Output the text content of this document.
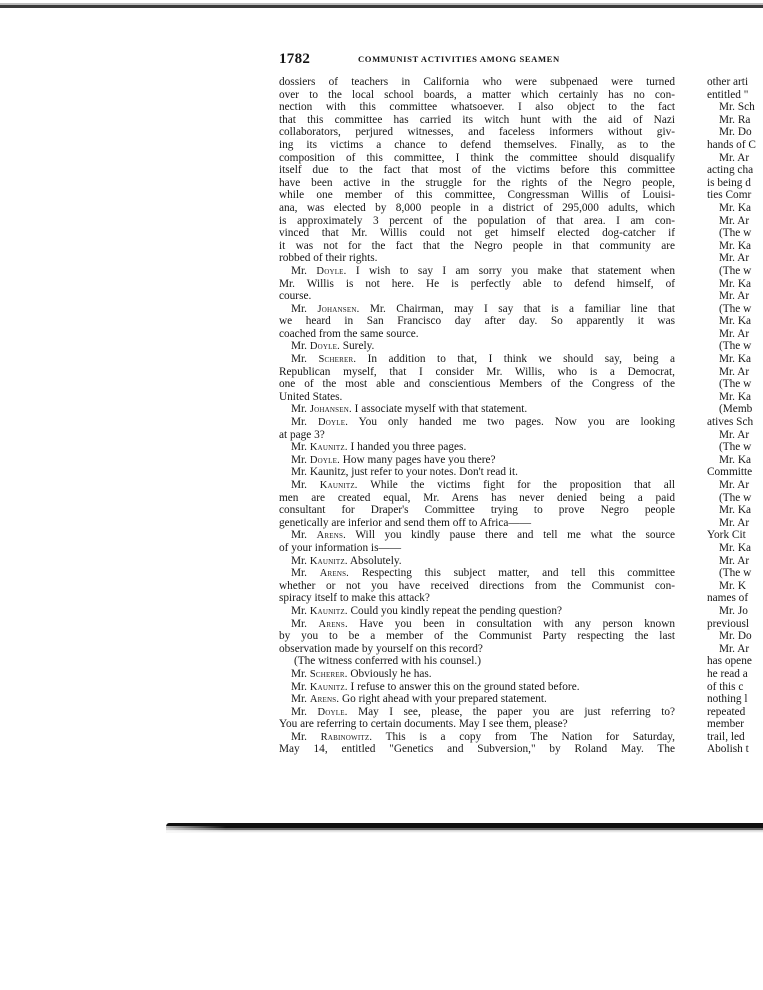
1782	COMMUNIST ACTIVITIES AMONG SEAMEN
dossiers of teachers in California who were subpenaed were turned
over to the local school boards, a matter which certainly has no con-
nection with this committee whatsoever. I also object to the fact
that this committee has carried its witch hunt with the aid of Nazi
collaborators, perjured witnesses, and faceless informers without giv-
ing its victims a chance to defend themselves. Finally, as to the
composition of this committee, I think the committee should disqualify
itself due to the fact that most of the victims before this committee
have been active in the struggle for the rights of the Negro people,
while one member of this committee, Congressman Willis of Louisi-
ana, was elected by 8,000 people in a district of 295,000 adults, which
is approximately 3 percent of the population of that area. I am con-
vinced that Mr. Willis could not get himself elected dog-catcher if
it was not for the fact that the Negro people in that community are
robbed of their rights.
Mr. Doyle. I wish to say I am sorry you make that statement when
Mr. Willis is not here. He is perfectly able to defend himself, of
course.
Mr. Johansen. Mr. Chairman, may I say that is a familiar line that
we heard in San Francisco day after day. So apparently it was
coached from the same source.
Mr. Doyle. Surely.
Mr. Scherer. In addition to that, I think we should say, being a
Republican myself, that I consider Mr. Willis, who is a Democrat,
one of the most able and conscientious Members of the Congress of the
United States.
Mr. Johansen. I associate myself with that statement.
Mr. Doyle. You only handed me two pages. Now you are looking
at page 3?
Mr. Kaunitz. I handed you three pages.
Mr. Doyle. How many pages have you there?
Mr. Kaunitz, just refer to your notes. Don't read it.
Mr. Kaunitz. While the victims fight for the proposition that all
men are created equal, Mr. Arens has never denied being a paid
consultant for Draper's Committee trying to prove Negro people
genetically are inferior and send them off to Africa——
Mr. Arens. Will you kindly pause there and tell me what the source
of your information is——
Mr. Kaunitz. Absolutely.
Mr. Arens. Respecting this subject matter, and tell this committee
whether or not you have received directions from the Communist con-
spiracy itself to make this attack?
Mr. Kaunitz. Could you kindly repeat the pending question?
Mr. Arens. Have you been in consultation with any person known
by you to be a member of the Communist Party respecting the last
observation made by yourself on this record?
(The witness conferred with his counsel.)
Mr. Scherer. Obviously he has.
Mr. Kaunitz. I refuse to answer this on the ground stated before.
Mr. Arens. Go right ahead with your prepared statement.
Mr. Doyle. May I see, please, the paper you are just referring to?
You are referring to certain documents. May I see them, please?
Mr. Rabinowitz. This is a copy from The Nation for Saturday,
May 14, entitled "Genetics and Subversion," by Roland May. The
other arti
entitled "
Mr. Sch
Mr. Ra
Mr. Do
hands of C
Mr. Ar
acting cha
is being d
ties Comr
Mr. Ka
Mr. Ar
(The w
Mr. Ka
Mr. Ar
(The w
Mr. Ka
Mr. Ar
(The w
Mr. Ka
Mr. Ar
(The w
Mr. Ka
Mr. Ar
(The w
Mr. Ka
(Memb
atives Sch
Mr. Ar
(The w
Mr. Ka
Committe
Mr. Ar
(The w
Mr. Ka
Mr. Ar
York Cit
Mr. Ka
Mr. Ar
(The w
Mr. K
names of
Mr. Jo
previousl
Mr. Do
Mr. Ar
has opene
he read a
of this c
nothing l
repeated
member
trail, led
Abolish t
